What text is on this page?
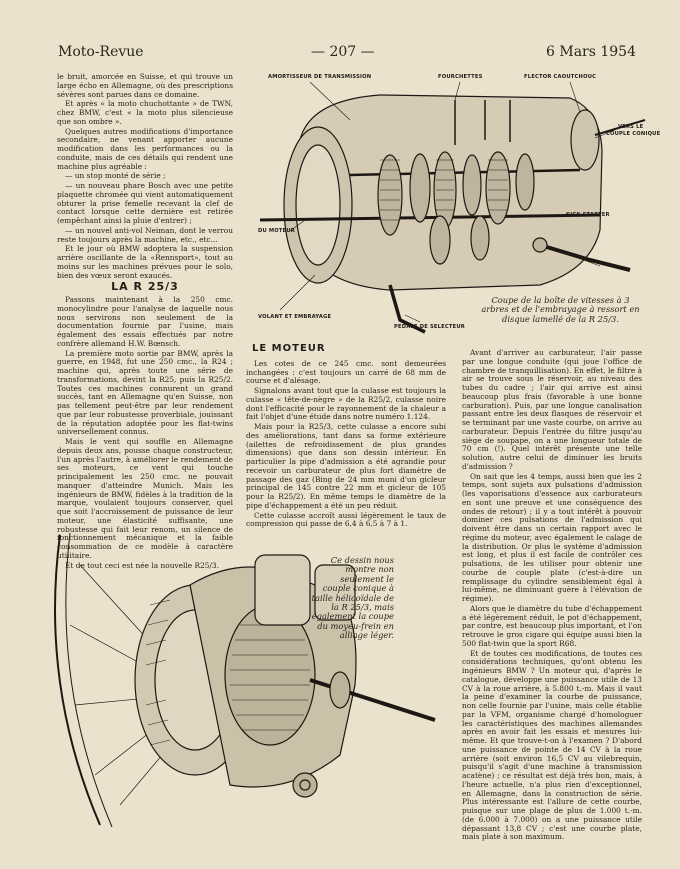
Moto-Revue	— 207 —	6 Mars 1954

le bruit, amorcée en Suisse, et qui trouve un large écho en Allemagne, où des prescriptions sévères sont parues dans ce domaine.

Et après « la moto chuchottante » de TWN, chez BMW, c'est « la moto plus silencieuse que son ombre ».

Quelques autres modifications d'importance secondaire, ne venant apporter aucune modification dans les performances ou la conduite, mais de ces détails qui rendent une machine plus agréable :

— un stop monté de série ;

— un nouveau phare Bosch avec une petite plaquette chromée qui vient automatiquement obturer la prise femelle recevant la clef de contact lorsque cette dernière est retirée (empêchant ainsi la pluie d'entrer) ;

— un nouvel anti-vol Neiman, dont le verrou reste toujours après la machine, etc., etc...

Et le jour où BMW adoptera la suspension arrière oscillante de la «Rennsport», tout au moins sur les machines prévues pour le solo, bien des vœux seront exaucés.

LA R 25/3

Passons maintenant à la 250 cmc. monocylindre pour l'analyse de laquelle nous nous servirons non seulement de la documentation fournie par l'usine, mais également des essais effectués par notre confrère allemand H.W. Bœnsch.

La première moto sortie par BMW, après la guerre, en 1948, fut une 250 cmc., la R24 ; machine qui, après toute une série de transformations, devint la R25, puis la R25/2. Toutes ces machines connurent un grand succès, tant en Allemagne qu'en Suisse, non pas tellement peut-être par leur rendement que par leur robustesse proverbiale, jouissant de la réputation adoptée pour les flat-twins universellement connus.

Mais le vent qui souffle en Allemagne depuis deux ans, pousse chaque constructeur, l'un après l'autre, à améliorer le rendement de ses moteurs, ce vent qui touche principalement les 250 cmc. ne pouvait manquer d'atteindre Munich. Mais les ingénieurs de BMW, fidèles à la tradition de la marque, voulaient toujours conserver, quel que soit l'accroissement de puissance de leur moteur, une élasticité suffisante, une robustesse qui fait leur renom, un silence de fonctionnement mécanique et la faible consommation de ce modèle à caractère utilitaire.

Et de tout ceci est née la nouvelle R25/3.

AMORTISSEUR DE TRANSMISSION	FOURCHETTES	FLECTOR CAOUTCHOUC
VERS LE
COUPLE CONIQUE
KICK STARTER
DU MOTEUR
VOLANT ET EMBRAYAGE
PEDALE DE SELECTEUR
Coupe de la boîte de vitesses à 3 arbres et de l'embrayage à ressort en disque lamellé de la R 25/3.
LE MOTEUR

Les cotes de ce 245 cmc. sont demeurées inchangées : c'est toujours un carré de 68 mm de course et d'alésage.

Signalons avant tout que la culasse est toujours la culasse « tête-de-nègre » de la R25/2, culasse noire dont l'efficacité pour le rayonnement de la chaleur a fait l'objet d'une étude dans notre numéro 1.124.

Mais pour la R25/3, cette culasse a encore subi des améliorations, tant dans sa forme extérieure (ailettes de refroidissement de plus grandes dimensions) que dans son dessin intérieur. En particulier la pipe d'admission a été agrandie pour recevoir un carburateur de plus fort diamètre de passage des gaz (Bing de 24 mm muni d'un gicleur principal de 145 contre 22 mm et gicleur de 105 pour la R25/2). En même temps le diamètre de la pipe d'échappement a été un peu réduit.

Cette culasse accroît aussi légèrement le taux de compression qui passe de 6,4 à 6,5 à 7 à 1.

Ce dessin nous montre non seulement le couple conique à taille hélicoïdale de la R 25/3, mais également la coupe du moyeu-frein en alliage léger.

Avant d'arriver au carburateur, l'air passe par une longue conduite (qui joue l'office de chambre de tranquillisation). En effet, le filtre à air se trouve sous le réservoir, au niveau des tubes du cadre ; l'air qui arrive est ainsi beaucoup plus frais (favorable à une bonne carburation). Puis, par une longue canalisation passant entre les deux flasques de réservoir et se terminant par une vaste courbe, on arrive au carburateur. Depuis l'entrée du filtre jusqu'au siège de soupape, on a une longueur totale de 70 cm (!). Quel intérêt présente une telle solution, autre celui de diminuer les bruits d'admission ?

On sait que les 4 temps, aussi bien que les 2 temps, sont sujets aux pulsations d'admission (les vaporisations d'essence aux carburateurs en sont une preuve et une conséquence des ondes de retour) ; il y a tout intérêt à pouvoir dominer ces pulsations de l'admission qui doivent être dans un certain rapport avec le régime du moteur, avec également le calage de la distribution. Or plus le système d'admission est long, et plus il est facile de contrôler ces pulsations, de les utiliser pour obtenir une courbe de couple plate (c'est-à-dire un remplissage du cylindre sensiblement égal à lui-même, ne diminuant guère à l'élévation de régime).

Alors que le diamètre du tube d'échappement a été légèrement réduit, le pot d'échappement, par contre, est beaucoup plus important, et l'on retrouve le gros cigare qui équipe aussi bien la 500 flat-twin que la sport R68.

Et de toutes ces modifications, de toutes ces considérations techniques, qu'ont obtenu les ingénieurs BMW ? Un moteur qui, d'après le catalogue, développe une puissance utile de 13 CV à la roue arrière, à 5.800 t.-m. Mais il vaut la peine d'examiner la courbe de puissance, non celle fournie par l'usine, mais celle établie par la VFM, organisme chargé d'homologuer les caractéristiques des machines allemandes après en avoir fait les essais et mesures lui-même. Et que trouve-t-on à l'examen ? D'abord une puissance de pointe de 14 CV à la roue arrière (soit environ 16,5 CV au vilebrequin, puisqu'il s'agit d'une machine à transmission acatène) ; ce résultat est déjà très bon, mais, à l'heure actuelle, n'a plus rien d'exceptionnel, en Allemagne, dans la construction de série. Plus intéressante est l'allure de cette courbe, puisque sur une plage de plus de 1.000 t.-m. (de 6.000 à 7.000) on a une puissance utile dépassant 13,8 CV ; c'est une courbe plate, mais plate à son maximum.
